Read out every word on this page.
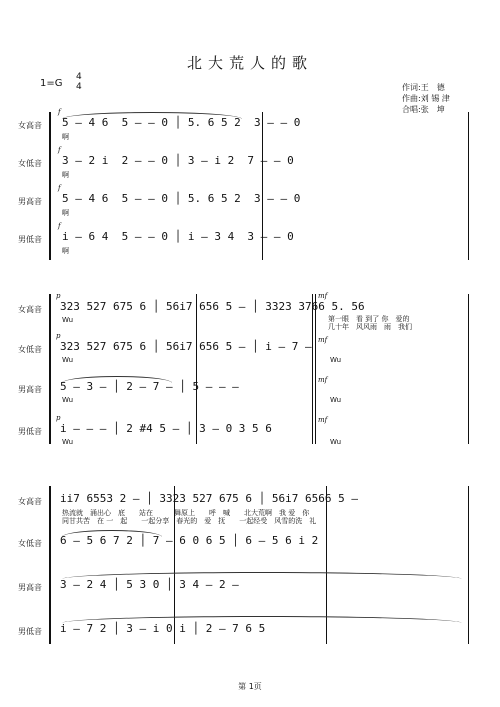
北大荒人的歌
1=G
4
4	作词:王　德
作曲:刘 锡 津
合唱:张　坤
女高音
f
5 — 4 6  5 — — 0 │ 5. 6 5 2  3 — — 0
啊
女低音
f
3 — 2 i  2 — — 0 │ 3 — i 2  7 — — 0
啊
男高音
f
5 — 4 6  5 — — 0 │ 5. 6 5 2  3 — — 0
啊
男低音
f
i — 6 4  5 — — 0 │ i — 3 4  3 — — 0
啊
女高音
p	mf
323 527 675 6 │ 56i7 656 5 — │ 3323 3766 5. 56
Wu	第一眼　看 到了 你　爱的
几十年　风风雨　雨　我们
女低音
p	mf
323 527 675 6 │ 56i7 656 5 — │ i — 7 —
Wu	Wu
男高音
mf
5 — 3 — │ 2 — 7 — │ 5 — — —
Wu	Wu
男低音
p	mf
i — — — │ 2 #4 5 — │ 3 — 0 3 5 6
Wu	Wu
女高音	ii7 6553 2 — │ 3323 527 675 6 │ 56i7 6566 5 —
热流就　涌出心　底　　站在　　　舞原上　　呼　喊　　北大荒啊　我 爱　你
同甘共苦　在 一　起　　一起分享　春光的　爱　抚　　一起经受　风雪的洗　礼
女低音	6 — 5 6 7 2 │ 7 — 6 0 6 5 │ 6 — 5 6 i 2
男高音	3 — 2 4 │ 5 3 0 │ 3 4 — 2 —
男低音	i — 7 2 │ 3 — i 0 i │ 2 — 7 6 5
第 1页
